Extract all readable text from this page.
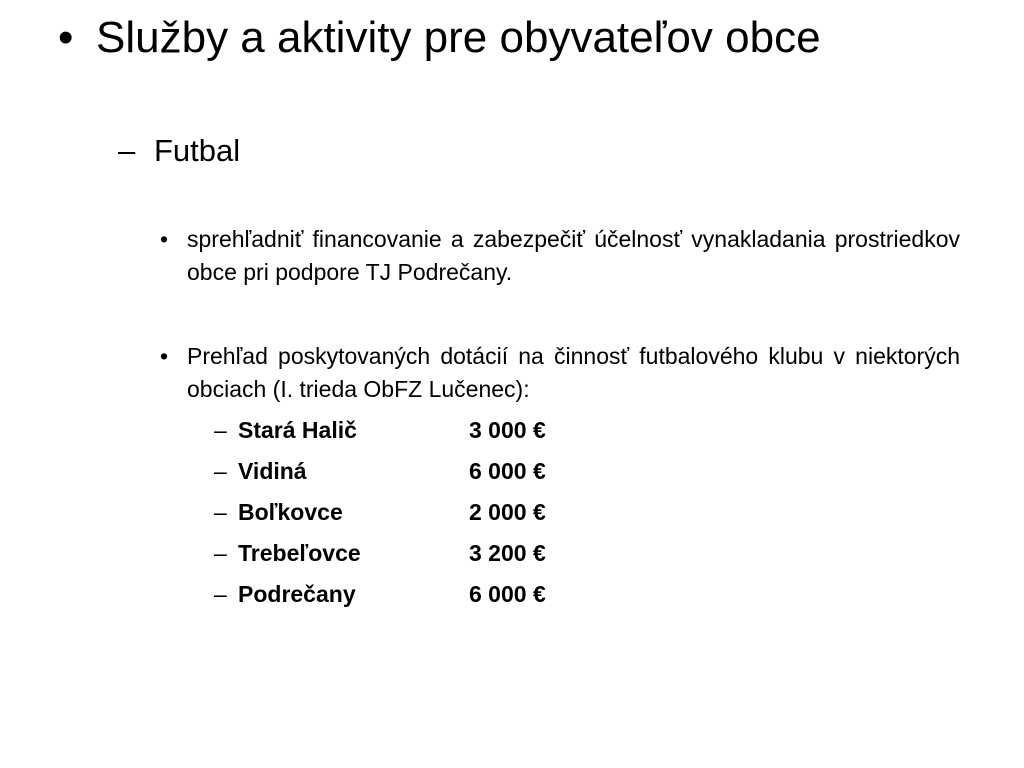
• Služby a aktivity pre obyvateľov obce
– Futbal
• sprehľadniť financovanie a zabezpečiť účelnosť vynakladania prostriedkov obce pri podpore TJ Podrečany.
• Prehľad poskytovaných dotácií na činnosť futbalového klubu v niektorých obciach (I. trieda ObFZ Lučenec):
– Stará Halič	3 000 €
– Vidiná	6 000 €
– Boľkovce	2 000 €
– Trebeľovce	3 200 €
– Podrečany	6 000 €
